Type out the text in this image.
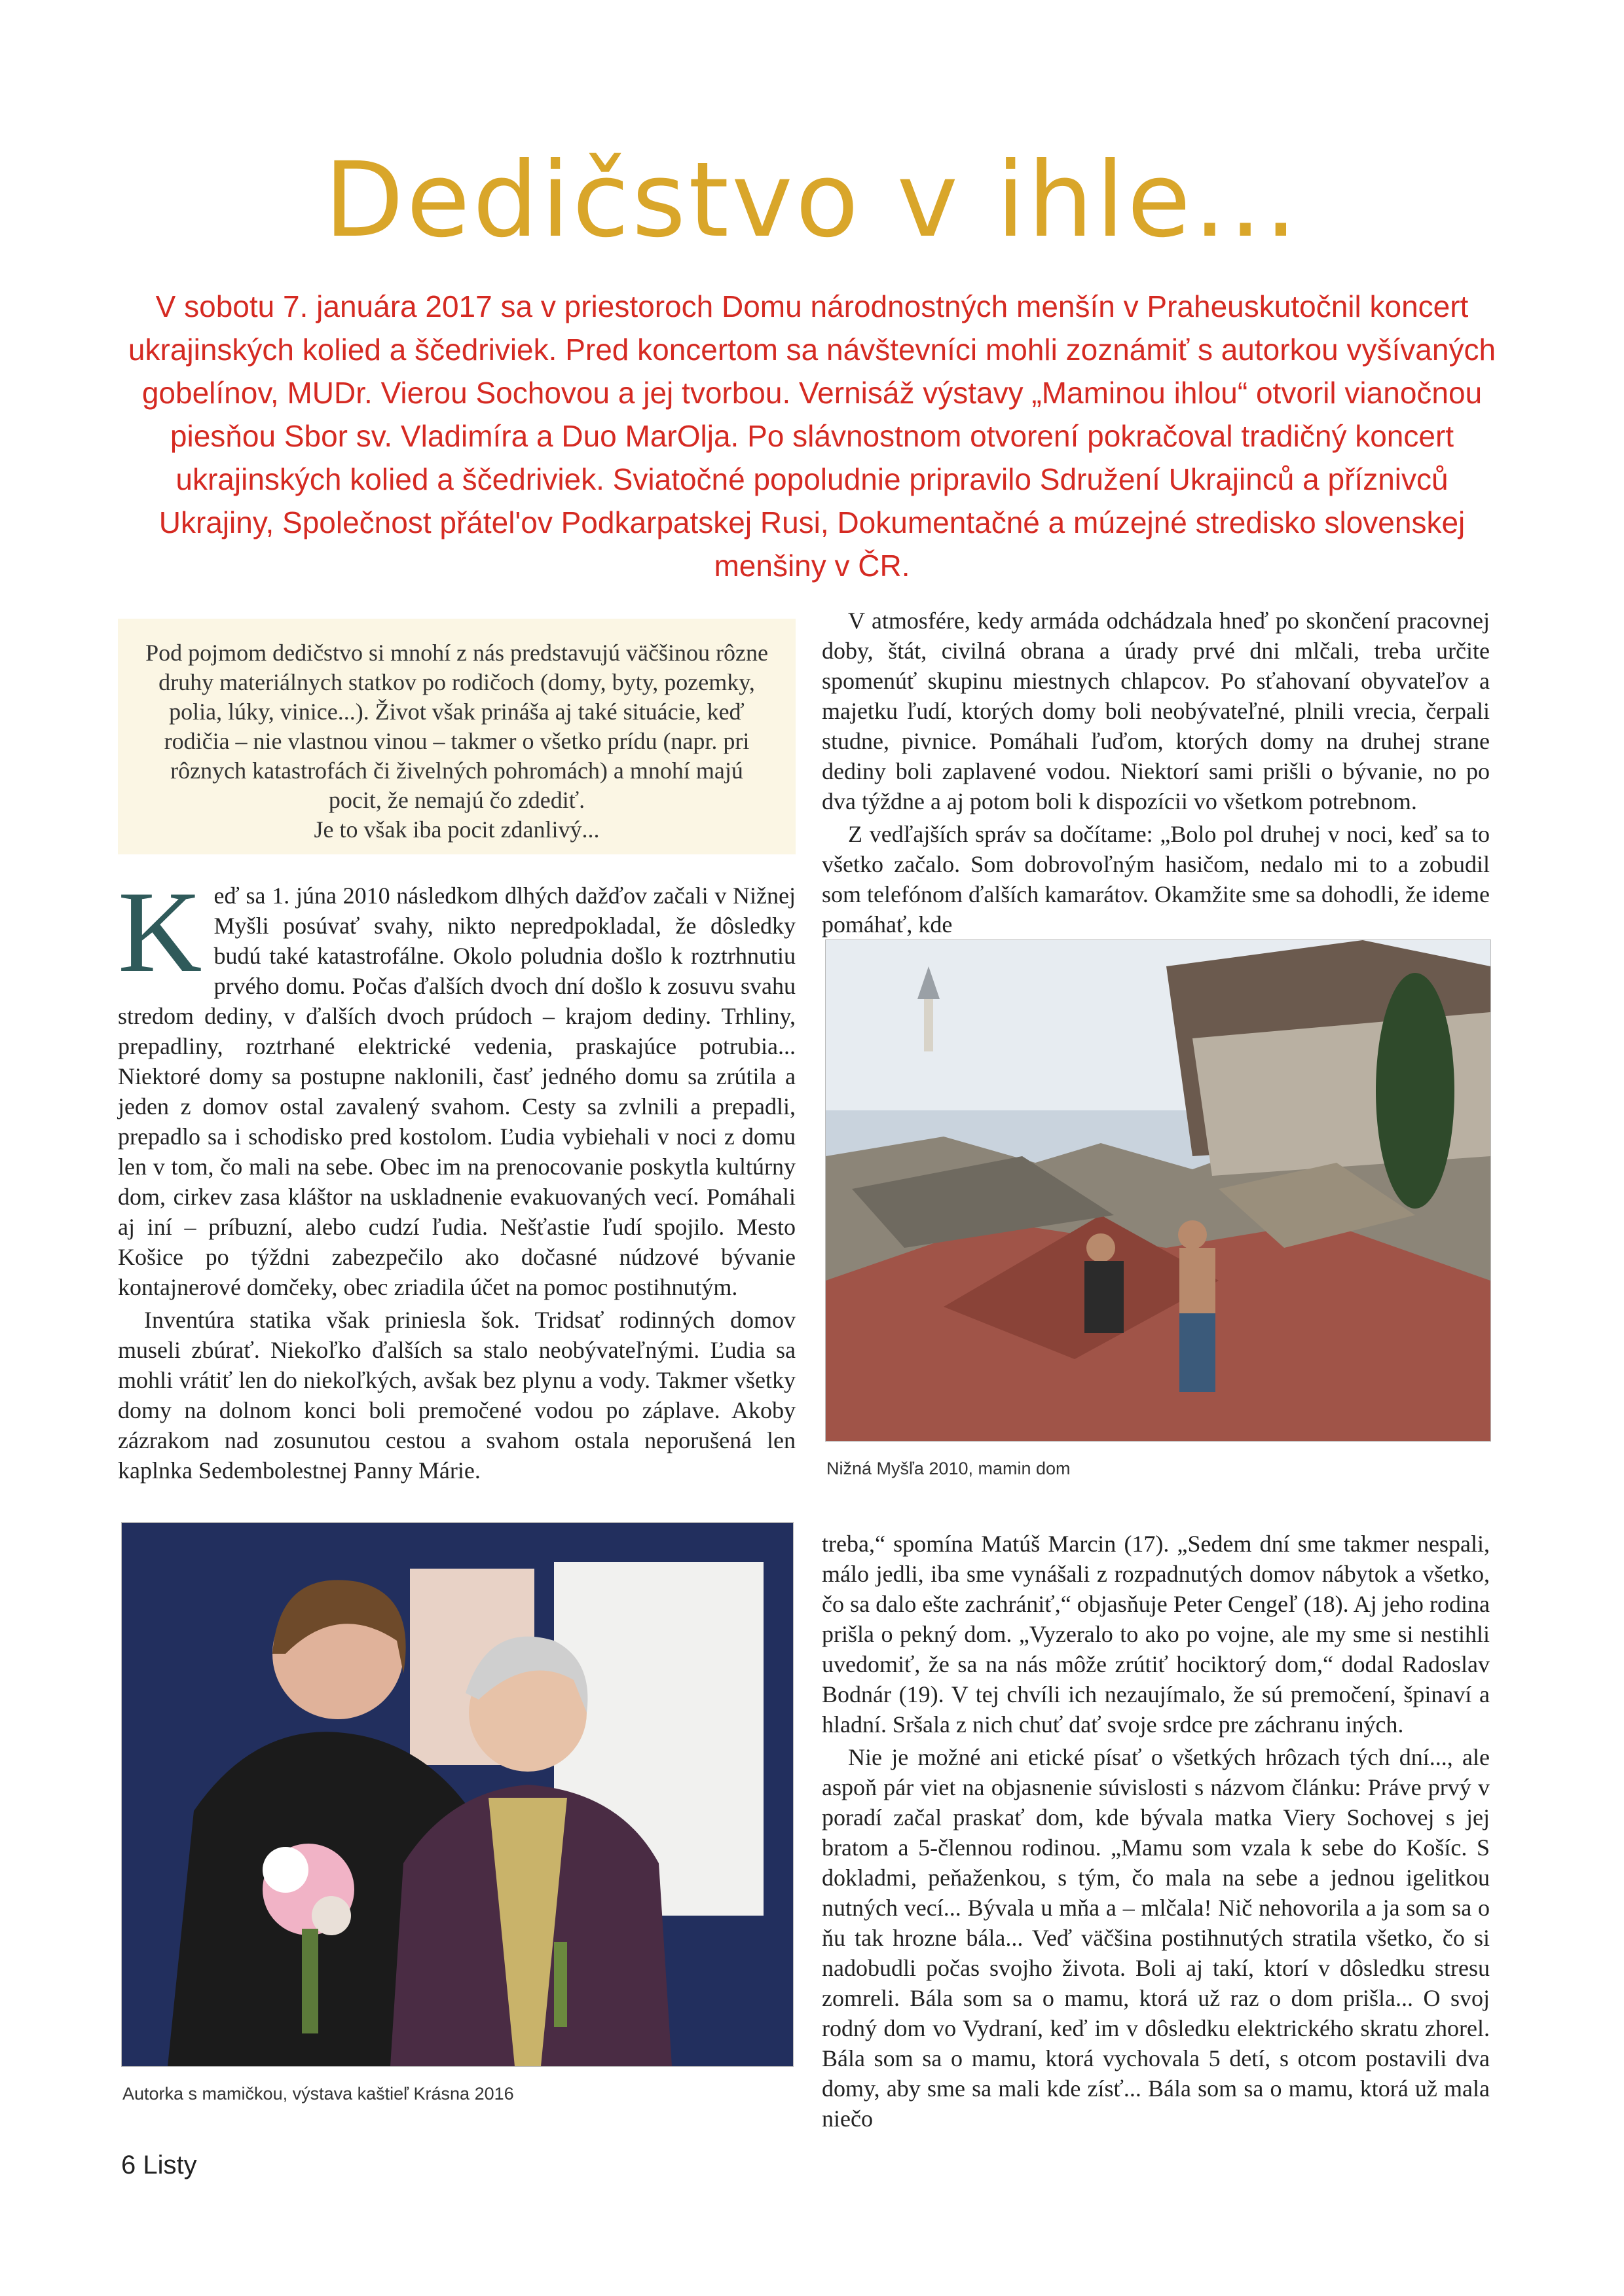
Dedičstvo v ihle...

V sobotu 7. januára 2017 sa v priestoroch Domu národnostných menšín v Praheuskutočnil koncert ukrajinských kolied a ščedriviek. Pred koncertom sa návštevníci mohli zoznámiť s autorkou vyšívaných gobelínov, MUDr. Vierou Sochovou a jej tvorbou. Vernisáž výstavy „Maminou ihlou“ otvoril vianočnou piesňou Sbor sv. Vladimíra a Duo MarOlja. Po slávnostnom otvorení pokračoval tradičný koncert ukrajinských kolied a ščedriviek. Sviatočné popoludnie pripravilo Sdružení Ukrajinců a příznivců Ukrajiny, Společnost přátel'ov Podkarpatskej Rusi, Dokumentačné a múzejné stredisko slovenskej menšiny v ČR.

Pod pojmom dedičstvo si mnohí z nás predstavujú väčšinou rôzne druhy materiálnych statkov po rodičoch (domy, byty, pozemky, polia, lúky, vinice...). Život však prináša aj také situácie, keď rodičia – nie vlastnou vinou – takmer o všetko prídu (napr. pri rôznych katastrofách či živelných pohromách) a mnohí majú pocit, že nemajú čo zdediť.

Je to však iba pocit zdanlivý...

K eď sa 1. júna 2010 následkom dlhých dažďov začali v Nižnej Myšli posúvať svahy, nikto nepredpokladal, že dôsledky budú také katastrofálne. Okolo poludnia došlo k roztrhnutiu prvého domu. Počas ďalších dvoch dní došlo k zosuvu svahu stredom dediny, v ďalších dvoch prúdoch – krajom dediny. Trhliny, prepadliny, roztrhané elektrické vedenia, praskajúce potrubia... Niektoré domy sa postupne naklonili, časť jedného domu sa zrútila a jeden z domov ostal zavalený svahom. Cesty sa zvlnili a prepadli, prepadlo sa i schodisko pred kostolom. Ľudia vybiehali v noci z domu len v tom, čo mali na sebe. Obec im na prenocovanie poskytla kultúrny dom, cirkev zasa kláštor na uskladnenie evakuovaných vecí. Pomáhali aj iní – príbuzní, alebo cudzí ľudia. Nešťastie ľudí spojilo. Mesto Košice po týždni zabezpečilo ako dočasné núdzové bývanie kontajnerové domčeky, obec zriadila účet na pomoc postihnutým.

Inventúra statika však priniesla šok. Tridsať rodinných domov museli zbúrať. Niekoľko ďalších sa stalo neobývateľnými. Ľudia sa mohli vrátiť len do niekoľkých, avšak bez plynu a vody. Takmer všetky domy na dolnom konci boli premočené vodou po záplave. Akoby zázrakom nad zosunutou cestou a svahom ostala neporušená len kaplnka Sedembolestnej Panny Márie.

V atmosfére, kedy armáda odchádzala hneď po skončení pracovnej doby, štát, civilná obrana a úrady prvé dni mlčali, treba určite spomenúť skupinu miestnych chlapcov. Po sťahovaní obyvateľov a majetku ľudí, ktorých domy boli neobývateľné, plnili vrecia, čerpali studne, pivnice. Pomáhali ľuďom, ktorých domy na druhej strane dediny boli zaplavené vodou. Niektorí sami prišli o bývanie, no po dva týždne a aj potom boli k dispozícii vo všetkom potrebnom.

Z vedľajších správ sa dočítame: „Bolo pol druhej v noci, keď sa to všetko začalo. Som dobrovoľným hasičom, nedalo mi to a zobudil som telefónom ďalších kamarátov. Okamžite sme sa dohodli, že ideme pomáhať, kde

Nižná Myšľa 2010, mamin dom
Autorka s mamičkou, výstava kaštieľ Krásna 2016

treba,“ spomína Matúš Marcin (17). „Sedem dní sme takmer nespali, málo jedli, iba sme vynášali z rozpadnutých domov nábytok a všetko, čo sa dalo ešte zachrániť,“ objasňuje Peter Cengeľ (18). Aj jeho rodina prišla o pekný dom. „Vyzeralo to ako po vojne, ale my sme si nestihli uvedomiť, že sa na nás môže zrútiť hociktorý dom,“ dodal Radoslav Bodnár (19). V tej chvíli ich nezaujímalo, že sú premočení, špinaví a hladní. Sršala z nich chuť dať svoje srdce pre záchranu iných.

Nie je možné ani etické písať o všetkých hrôzach tých dní..., ale aspoň pár viet na objasnenie súvislosti s názvom článku: Práve prvý v poradí začal praskať dom, kde bývala matka Viery Sochovej s jej bratom a 5-člennou rodinou. „Mamu som vzala k sebe do Košíc. S dokladmi, peňaženkou, s tým, čo mala na sebe a jednou igelitkou nutných vecí... Bývala u mňa a – mlčala! Nič nehovorila a ja som sa o ňu tak hrozne bála... Veď väčšina postihnutých stratila všetko, čo si nadobudli počas svojho života. Boli aj takí, ktorí v dôsledku stresu zomreli. Bála som sa o mamu, ktorá už raz o dom prišla... O svoj rodný dom vo Vydraní, keď im v dôsledku elektrického skratu zhorel. Bála som sa o mamu, ktorá vychovala 5 detí, s otcom postavili dva domy, aby sme sa mali kde zísť... Bála som sa o mamu, ktorá už mala niečo

6 Listy
